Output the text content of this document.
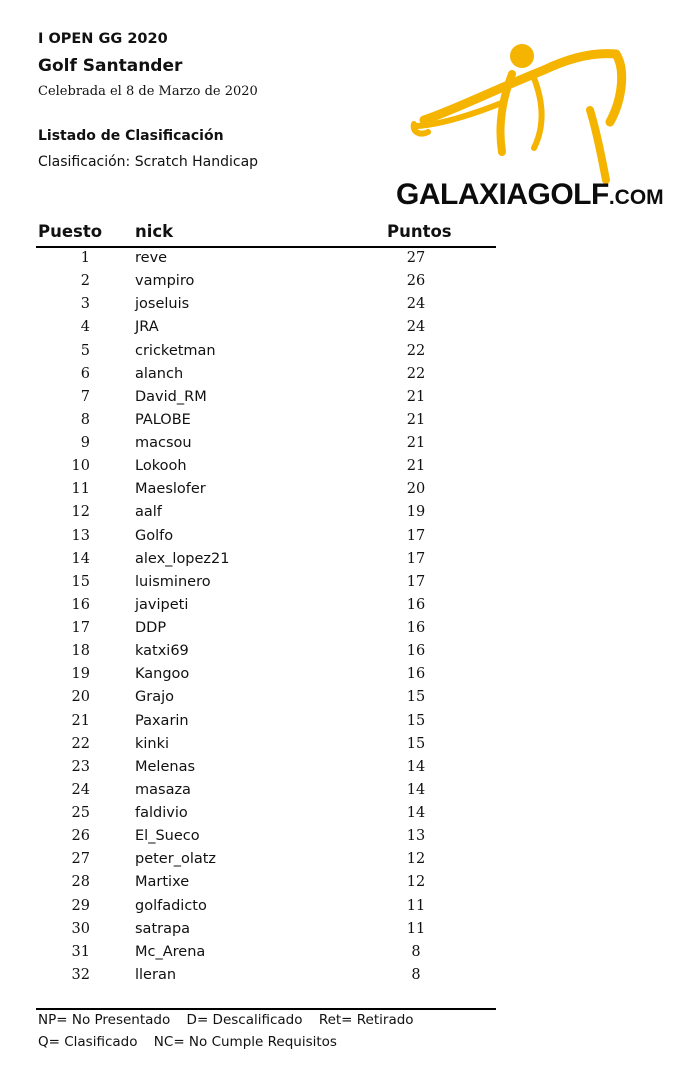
I OPEN GG 2020
Golf Santander
Celebrada el 8 de Marzo de 2020
Listado de Clasificación
Clasificación: Scratch Handicap
GALAXIAGOLF.COM
Puesto nick	Puntos
1	reve	27
2	vampiro	26
3	joseluis	24
4	JRA	24
5	cricketman	22
6	alanch	22
7	David_RM	21
8	PALOBE	21
9	macsou	21
10	Lokooh	21
11	Maeslofer	20
12	aalf	19
13	Golfo	17
14	alex_lopez21	17
15	luisminero	17
16	javipeti	16
17	DDP	16
18	katxi69	16
19	Kangoo	16
20	Grajo	15
21	Paxarin	15
22	kinki	15
23	Melenas	14
24	masaza	14
25	faldivio	14
26	El_Sueco	13
27	peter_olatz	12
28	Martixe	12
29	golfadicto	11
30	satrapa	11
31	Mc_Arena	8
32	lleran	8
NP= No Presentado D= Descalificado Ret= Retirado
Q= Clasificado NC= No Cumple Requisitos
